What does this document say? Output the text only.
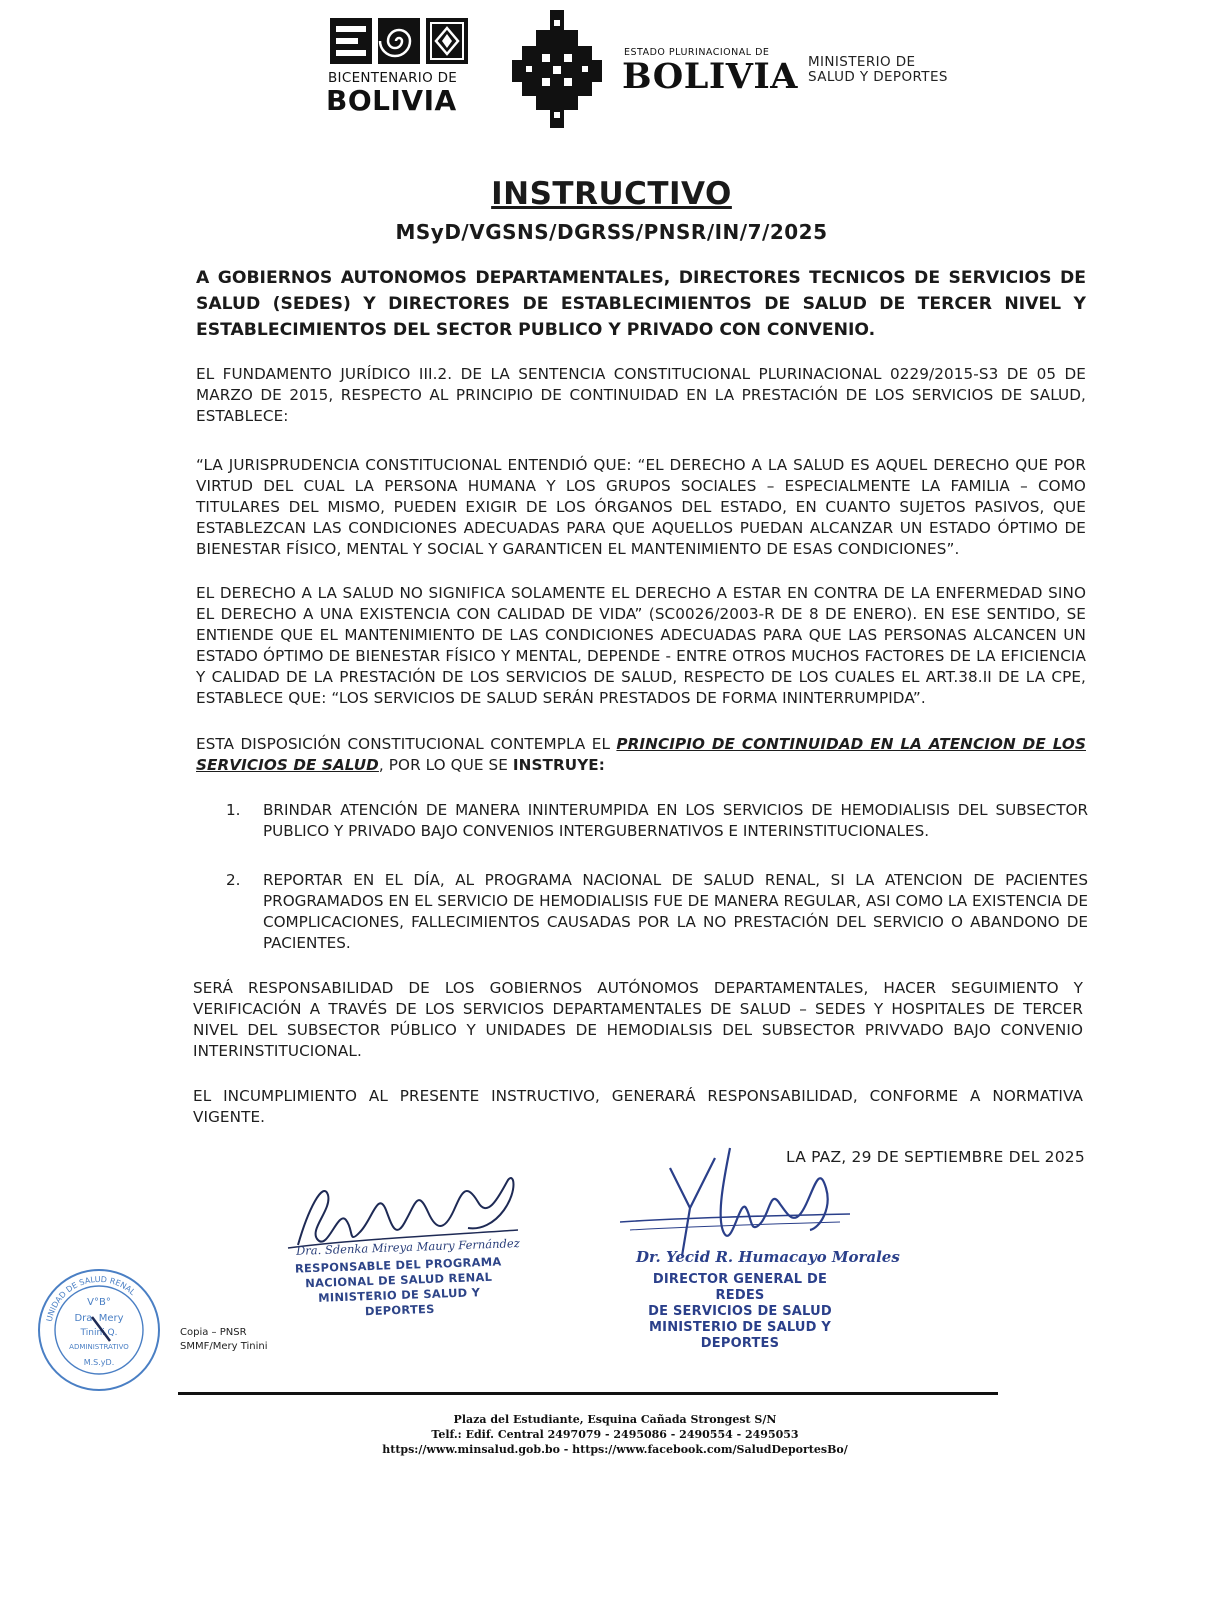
BICENTENARIO DE
BOLIVIA
ESTADO PLURINACIONAL DE
BOLIVIA MINISTERIO DE
SALUD Y DEPORTES
INSTRUCTIVO
MSyD/VGSNS/DGRSS/PNSR/IN/7/2025
A GOBIERNOS AUTONOMOS DEPARTAMENTALES, DIRECTORES TECNICOS DE SERVICIOS DE SALUD (SEDES) Y DIRECTORES DE ESTABLECIMIENTOS DE SALUD DE TERCER NIVEL Y ESTABLECIMIENTOS DEL SECTOR PUBLICO Y PRIVADO CON CONVENIO.
EL FUNDAMENTO JURÍDICO III.2. DE LA SENTENCIA CONSTITUCIONAL PLURINACIONAL 0229/2015-S3 DE 05 DE MARZO DE 2015, RESPECTO AL PRINCIPIO DE CONTINUIDAD EN LA PRESTACIÓN DE LOS SERVICIOS DE SALUD, ESTABLECE:
“LA JURISPRUDENCIA CONSTITUCIONAL ENTENDIÓ QUE: “EL DERECHO A LA SALUD ES AQUEL DERECHO QUE POR VIRTUD DEL CUAL LA PERSONA HUMANA Y LOS GRUPOS SOCIALES – ESPECIALMENTE LA FAMILIA – COMO TITULARES DEL MISMO, PUEDEN EXIGIR DE LOS ÓRGANOS DEL ESTADO, EN CUANTO SUJETOS PASIVOS, QUE ESTABLEZCAN LAS CONDICIONES ADECUADAS PARA QUE AQUELLOS PUEDAN ALCANZAR UN ESTADO ÓPTIMO DE BIENESTAR FÍSICO, MENTAL Y SOCIAL Y GARANTICEN EL MANTENIMIENTO DE ESAS CONDICIONES”.
EL DERECHO A LA SALUD NO SIGNIFICA SOLAMENTE EL DERECHO A ESTAR EN CONTRA DE LA ENFERMEDAD SINO EL DERECHO A UNA EXISTENCIA CON CALIDAD DE VIDA” (SC0026/2003-R DE 8 DE ENERO). EN ESE SENTIDO, SE ENTIENDE QUE EL MANTENIMIENTO DE LAS CONDICIONES ADECUADAS PARA QUE LAS PERSONAS ALCANCEN UN ESTADO ÓPTIMO DE BIENESTAR FÍSICO Y MENTAL, DEPENDE - ENTRE OTROS MUCHOS FACTORES DE LA EFICIENCIA Y CALIDAD DE LA PRESTACIÓN DE LOS SERVICIOS DE SALUD, RESPECTO DE LOS CUALES EL ART.38.II DE LA CPE, ESTABLECE QUE: “LOS SERVICIOS DE SALUD SERÁN PRESTADOS DE FORMA ININTERRUMPIDA”.
ESTA DISPOSICIÓN CONSTITUCIONAL CONTEMPLA EL PRINCIPIO DE CONTINUIDAD EN LA ATENCION DE LOS SERVICIOS DE SALUD, POR LO QUE SE INSTRUYE:
1.	BRINDAR ATENCIÓN DE MANERA ININTERUMPIDA EN LOS SERVICIOS DE HEMODIALISIS DEL SUBSECTOR PUBLICO Y PRIVADO BAJO CONVENIOS INTERGUBERNATIVOS E INTERINSTITUCIONALES.
2.	REPORTAR EN EL DÍA, AL PROGRAMA NACIONAL DE SALUD RENAL, SI LA ATENCION DE PACIENTES PROGRAMADOS EN EL SERVICIO DE HEMODIALISIS FUE DE MANERA REGULAR, ASI COMO LA EXISTENCIA DE COMPLICACIONES, FALLECIMIENTOS CAUSADAS POR LA NO PRESTACIÓN DEL SERVICIO O ABANDONO DE PACIENTES.
SERÁ RESPONSABILIDAD DE LOS GOBIERNOS AUTÓNOMOS DEPARTAMENTALES, HACER SEGUIMIENTO Y VERIFICACIÓN A TRAVÉS DE LOS SERVICIOS DEPARTAMENTALES DE SALUD – SEDES Y HOSPITALES DE TERCER NIVEL DEL SUBSECTOR PÚBLICO Y UNIDADES DE HEMODIALSIS DEL SUBSECTOR PRIVVADO BAJO CONVENIO INTERINSTITUCIONAL.
EL INCUMPLIMIENTO AL PRESENTE INSTRUCTIVO, GENERARÁ RESPONSABILIDAD, CONFORME A NORMATIVA VIGENTE.
LA PAZ, 29 DE SEPTIEMBRE DEL 2025
Dra. Sdenka Mireya Maury Fernández
RESPONSABLE DEL PROGRAMA
NACIONAL DE SALUD RENAL
MINISTERIO DE SALUD Y DEPORTES
Dr. Yecid R. Humacayo Morales
DIRECTOR GENERAL DE REDES
DE SERVICIOS DE SALUD
MINISTERIO DE SALUD Y DEPORTES
UNIDAD DE SALUD RENAL
V°B°
Dra. Mery
Tinini Q.
ADMINISTRATIVO
M.S.yD.
Copia – PNSR
SMMF/Mery Tinini
Plaza del Estudiante, Esquina Cañada Strongest S/N
Telf.: Edif. Central 2497079 - 2495086 - 2490554 - 2495053
https://www.minsalud.gob.bo - https://www.facebook.com/SaludDeportesBo/
